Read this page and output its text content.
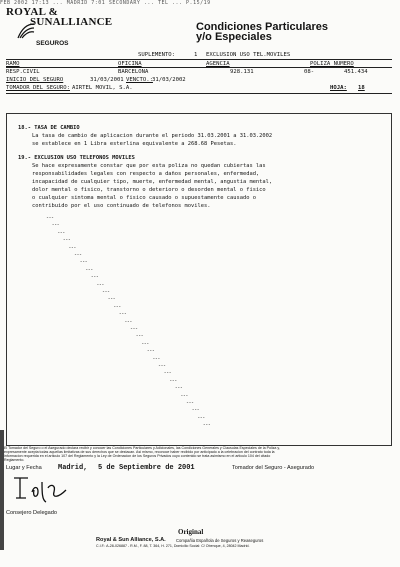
FEB 2002 17:13 ... MADRID 7:01 SECONDARY ... TEL ... P.15/19
ROYAL &
SUNALLIANCE
SEGUROS
Condiciones Particulares
y/o Especiales
SUPLEMENTO:	1 EXCLUSION USO TEL.MOVILES
RAMO	OFICINA	AGENCIA	POLIZA NUMERO
RESP.CIVIL	BARCELONA	928.131	08-	451.434
INICIO DEL SEGURO	31/03/2001 VENCTO.: 31/03/2002
TOMADOR DEL SEGURO: AIRTEL MOVIL, S.A.	HOJA: 18
18.- TASA DE CAMBIO
La tasa de cambio de aplicacion durante el periodo 31.03.2001 a 31.03.2002
se establece en 1 Libra esterlina equivalente a 268.68 Pesetas.
19.- EXCLUSION USO TELEFONOS MOVILES
Se hace expresamente constar que por esta poliza no quedan cubiertas las
responsabilidades legales con respecto a daños personales, enfermedad,
incapacidad de cualquier tipo, muerte, enfermedad mental, angustia mental,
dolor mental o fisico, transtorno o deterioro o desorden mental o fisico
o cualquier sintoma mental o fisico causado o supuestamente causado o
contribuido por el uso continuado de telefonos moviles.
---
---
---
---
---
---
---
---
---
---
---
---
---
---
---
---
---
---
---
---
---
---
---
---
---
---
---
---
---
El Tomador del Seguro o el Asegurado declara recibir y conocer las Condiciones Particulares y Adicionales, las Condiciones Generales y Clausulas Especiales de la Poliza y,
expresamente acepta todas aquellas limitativas de sus derechos que se destacan. Asi mismo, reconoce haber recibido por anticipado a la celebracion del contrato toda la
informacion requerida en el articulo 107 del Reglamento y la Ley de Ordenacion de los Seguros Privados cuyo contenido se trata asimismo en el articulo 104 del citado
Reglamento.
Lugar y Fecha Madrid, 5 de Septiembre de 2001	Tomador del Seguro - Asegurado
Consejero Delegado
Original
Royal & Sun Alliance, S.A. Compañia Española de Seguros y Reaseguros
C.I.F.: A-28-026887 - R.M., F. 88, T. 364, H. 271, Domicilio Social: C/ Obenque, 4, 28042 Madrid.
